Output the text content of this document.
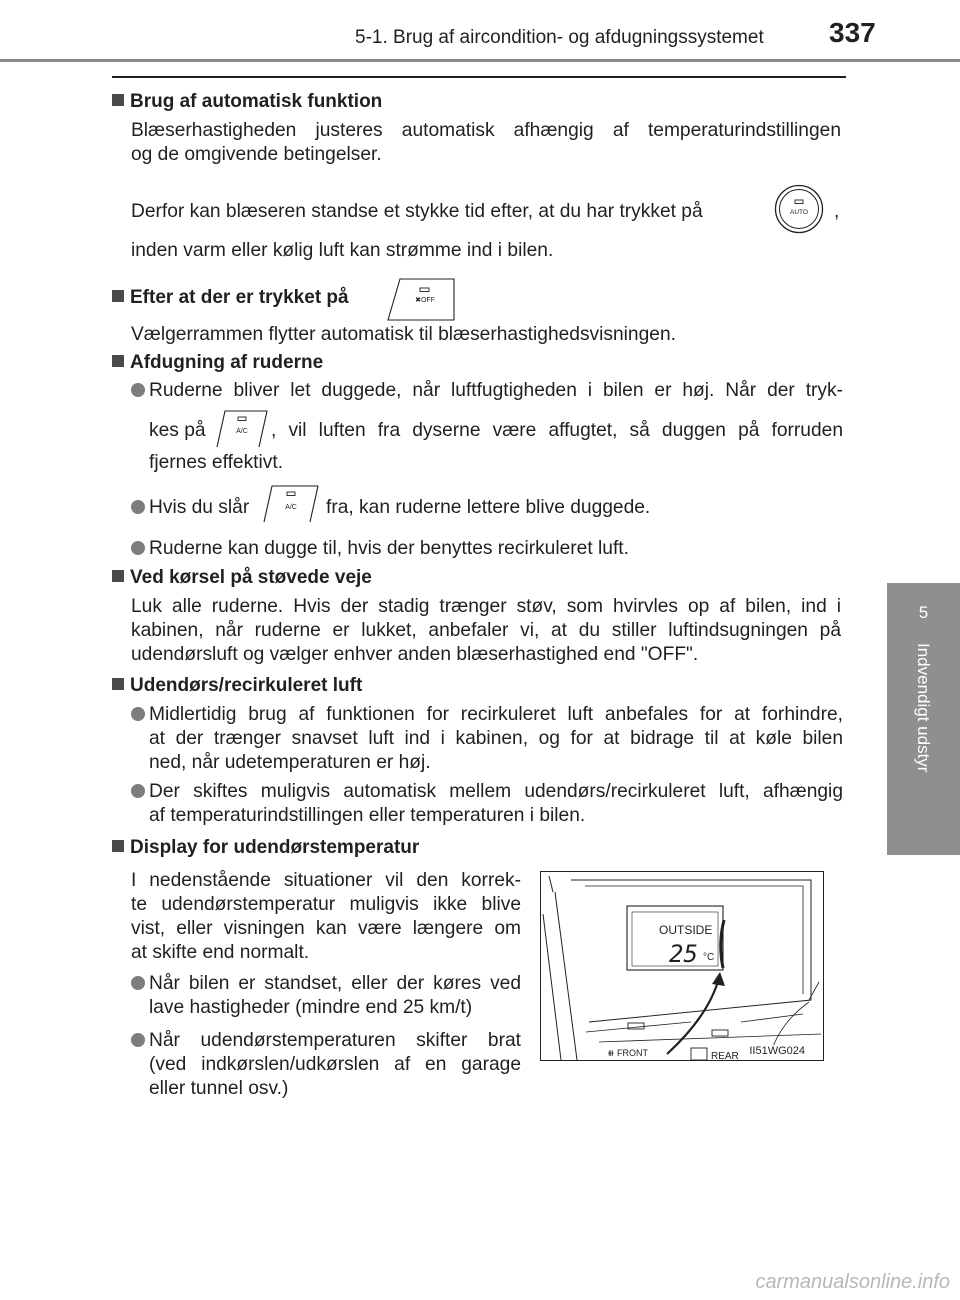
5-1. Brug af aircondition- og afdugningssystemet 337
5
Indvendigt udstyr
Brug af automatisk funktion
Blæserhastigheden justeres automatisk afhængig af temperaturindstillingen
og de omgivende betingelser.
Derfor kan blæseren standse et stykke tid efter, at du har trykket på	AUTO ,
inden varm eller kølig luft kan strømme ind i bilen.
Efter at der er trykket på	✖OFF
Vælgerrammen flytter automatisk til blæserhastighedsvisningen.
Afdugning af ruderne
Ruderne bliver let duggede, når luftfugtigheden i bilen er høj. Når der tryk-
kes på	A/C , vil luften fra dyserne være affugtet, så duggen på forruden
fjernes effektivt.
Hvis du slår	A/C fra, kan ruderne lettere blive duggede.
Ruderne kan dugge til, hvis der benyttes recirkuleret luft.
Ved kørsel på støvede veje
Luk alle ruderne. Hvis der stadig trænger støv, som hvirvles op af bilen, ind i
kabinen, når ruderne er lukket, anbefaler vi, at du stiller luftindsugningen på
udendørsluft og vælger enhver anden blæserhastighed end "OFF".
Udendørs/recirkuleret luft
Midlertidig brug af funktionen for recirkuleret luft anbefales for at forhindre,
at der trænger snavset luft ind i kabinen, og for at bidrage til at køle bilen
ned, når udetemperaturen er høj.
Der skiftes muligvis automatisk mellem udendørs/recirkuleret luft, afhængig
af temperaturindstillingen eller temperaturen i bilen.
Display for udendørstemperatur
I nedenstående situationer vil den korrek-
te udendørstemperatur muligvis ikke blive
vist, eller visningen kan være længere om
at skifte end normalt.
Når bilen er standset, eller der køres ved
lave hastigheder (mindre end 25 km/t)
Når udendørstemperaturen skifter brat
(ved indkørslen/udkørslen af en garage
eller tunnel osv.)
OUTSIDE
25 °C
⧻ FRONT	REAR II51WG024
carmanualsonline.info
